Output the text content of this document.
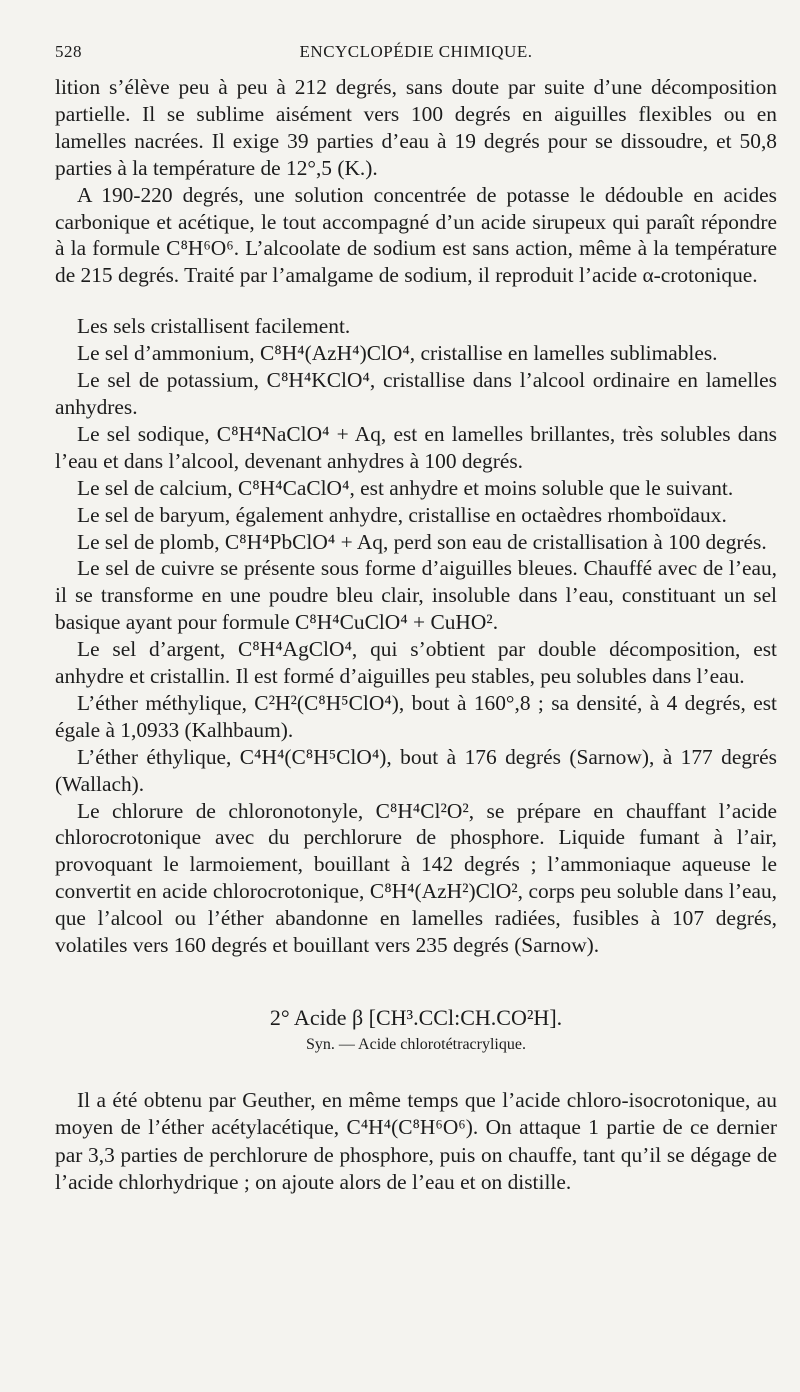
528	ENCYCLOPÉDIE CHIMIQUE.

lition s’élève peu à peu à 212 degrés, sans doute par suite d’une décomposition partielle. Il se sublime aisément vers 100 degrés en aiguilles flexibles ou en lamelles nacrées. Il exige 39 parties d’eau à 19 degrés pour se dissoudre, et 50,8 parties à la température de 12°,5 (K.).

A 190-220 degrés, une solution concentrée de potasse le dédouble en acides carbonique et acétique, le tout accompagné d’un acide sirupeux qui paraît répondre à la formule C⁸H⁶O⁶. L’alcoolate de sodium est sans action, même à la température de 215 degrés. Traité par l’amalgame de sodium, il reproduit l’acide α-crotonique.

Les sels cristallisent facilement.

Le sel d’ammonium, C⁸H⁴(AzH⁴)ClO⁴, cristallise en lamelles sublimables.

Le sel de potassium, C⁸H⁴KClO⁴, cristallise dans l’alcool ordinaire en lamelles anhydres.

Le sel sodique, C⁸H⁴NaClO⁴ + Aq, est en lamelles brillantes, très solubles dans l’eau et dans l’alcool, devenant anhydres à 100 degrés.

Le sel de calcium, C⁸H⁴CaClO⁴, est anhydre et moins soluble que le suivant.

Le sel de baryum, également anhydre, cristallise en octaèdres rhomboïdaux.

Le sel de plomb, C⁸H⁴PbClO⁴ + Aq, perd son eau de cristallisation à 100 degrés.

Le sel de cuivre se présente sous forme d’aiguilles bleues. Chauffé avec de l’eau, il se transforme en une poudre bleu clair, insoluble dans l’eau, constituant un sel basique ayant pour formule C⁸H⁴CuClO⁴ + CuHO².

Le sel d’argent, C⁸H⁴AgClO⁴, qui s’obtient par double décomposition, est anhydre et cristallin. Il est formé d’aiguilles peu stables, peu solubles dans l’eau.

L’éther méthylique, C²H²(C⁸H⁵ClO⁴), bout à 160°,8 ; sa densité, à 4 degrés, est égale à 1,0933 (Kalhbaum).

L’éther éthylique, C⁴H⁴(C⁸H⁵ClO⁴), bout à 176 degrés (Sarnow), à 177 degrés (Wallach).

Le chlorure de chloronotonyle, C⁸H⁴Cl²O², se prépare en chauffant l’acide chlorocrotonique avec du perchlorure de phosphore. Liquide fumant à l’air, provoquant le larmoiement, bouillant à 142 degrés ; l’ammoniaque aqueuse le convertit en acide chlorocrotonique, C⁸H⁴(AzH²)ClO², corps peu soluble dans l’eau, que l’alcool ou l’éther abandonne en lamelles radiées, fusibles à 107 degrés, volatiles vers 160 degrés et bouillant vers 235 degrés (Sarnow).

2° Acide β [CH³.CCl:CH.CO²H].

Syn. — Acide chlorotétracrylique.

Il a été obtenu par Geuther, en même temps que l’acide chloro-isocrotonique, au moyen de l’éther acétylacétique, C⁴H⁴(C⁸H⁶O⁶). On attaque 1 partie de ce dernier par 3,3 parties de perchlorure de phosphore, puis on chauffe, tant qu’il se dégage de l’acide chlorhydrique ; on ajoute alors de l’eau et on distille.
